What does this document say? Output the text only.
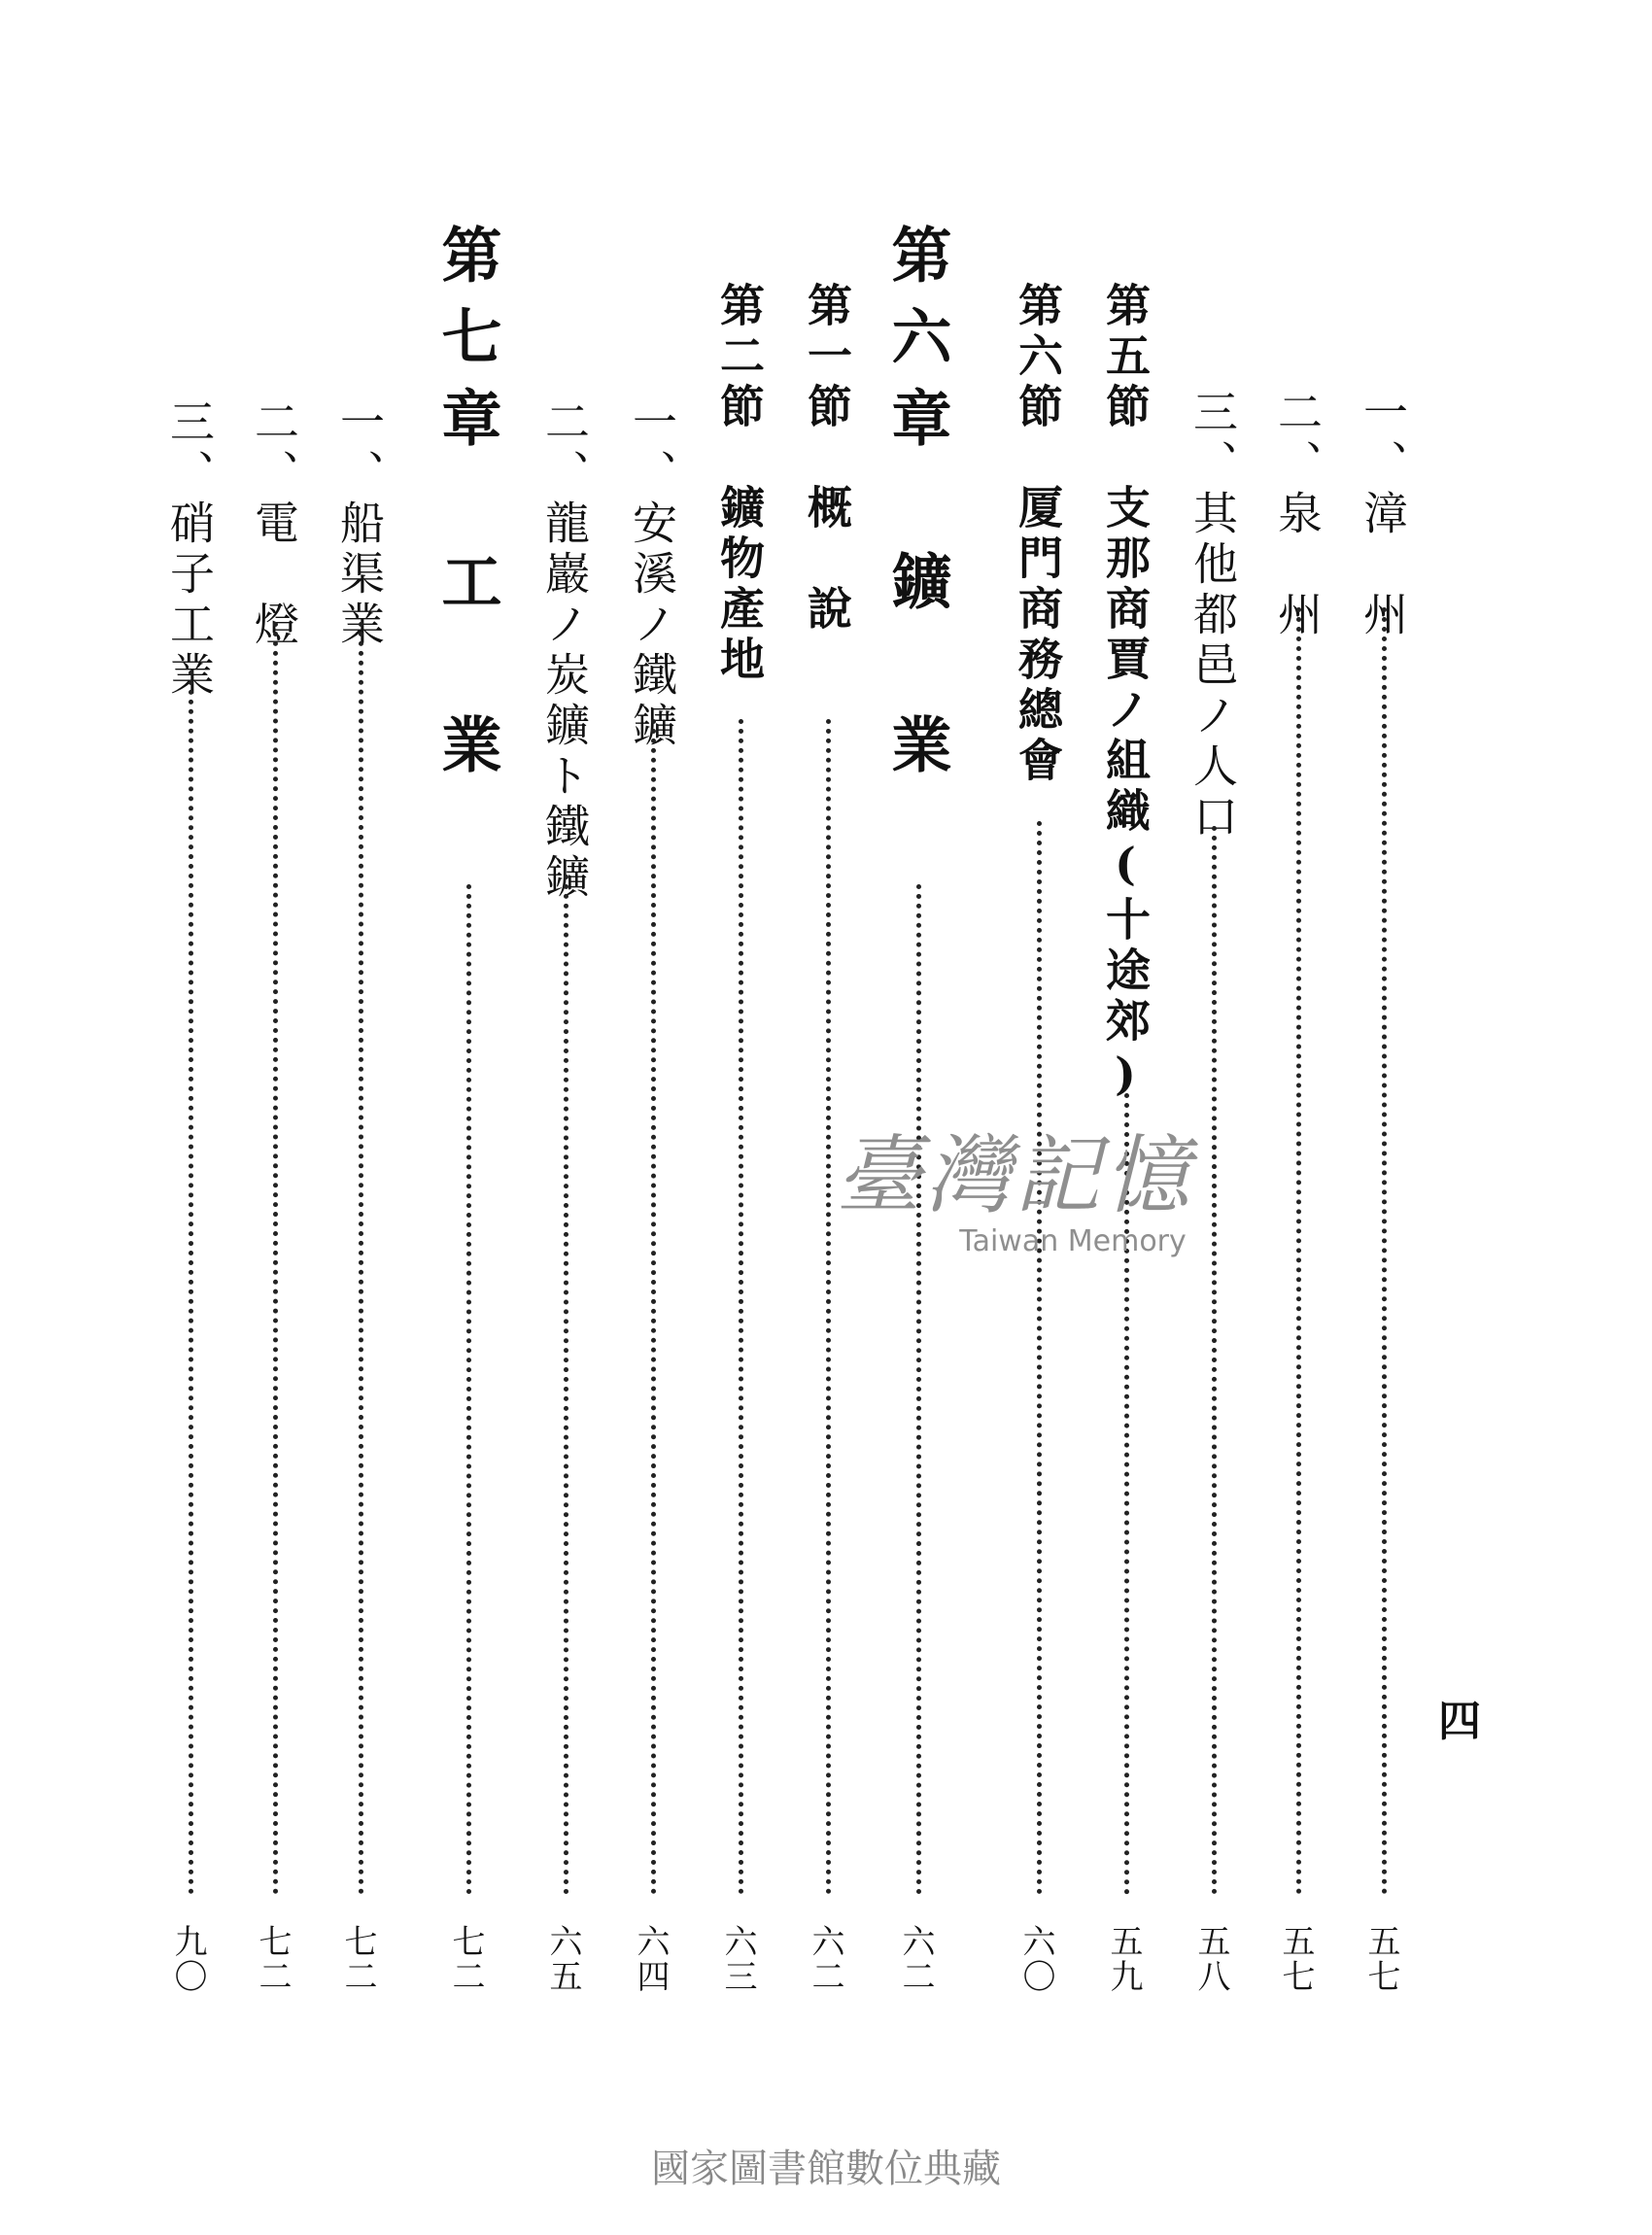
一、漳　州
五七
二、泉　州
五七
三、其他都邑ノ人口
五八
第五節　支那商賈ノ組織(十途郊)
五九
第六節　厦門商務總會
六〇
第六章　鑛　業
六二
第一節　概　說
六二
第二節　鑛物產地
六三
一、安溪ノ鐵鑛
六四
二、龍巖ノ炭鑛ト鐵鑛
六五
第七章　工　業
七二
一、船渠業
七二
二、電　燈
七二
三、硝子工業
九〇
四
臺灣記憶
Taiwan Memory
國家圖書館數位典藏
